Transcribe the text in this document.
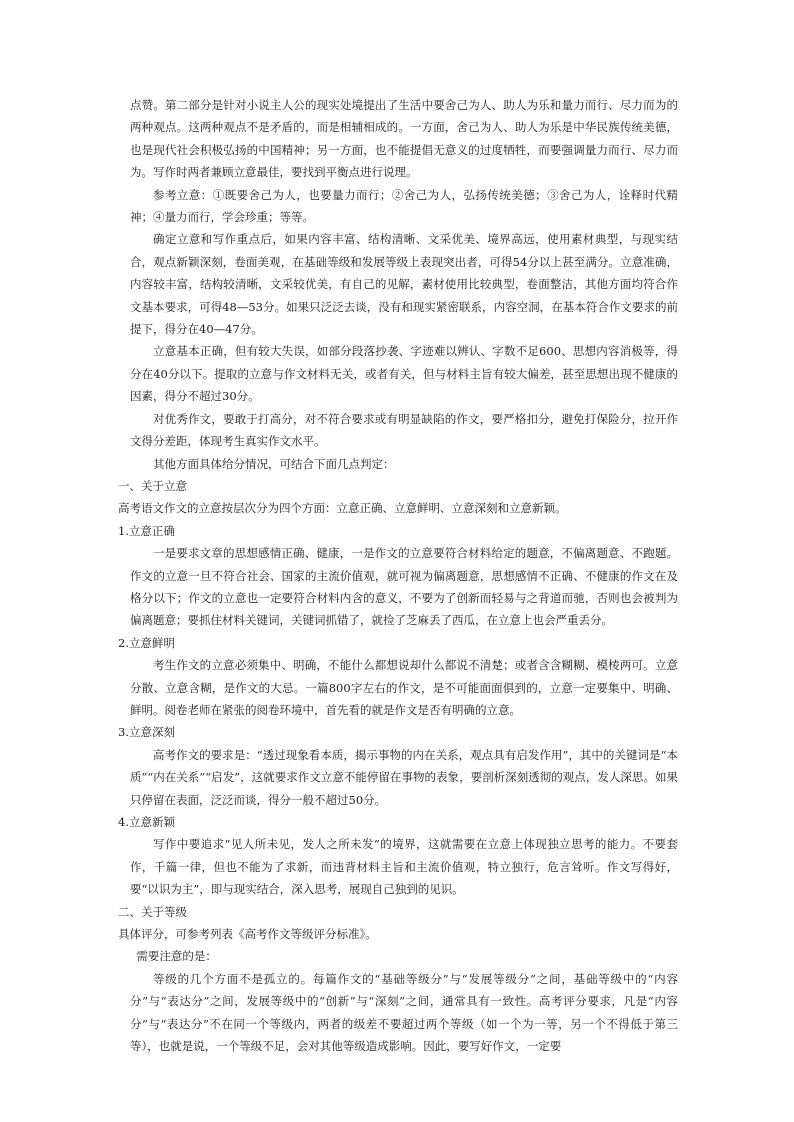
点赞。第二部分是针对小说主人公的现实处境提出了生活中要舍己为人、助人为乐和量力而行、尽力而为的两种观点。这两种观点不是矛盾的，而是相辅相成的。一方面，舍己为人、助人为乐是中华民族传统美德，也是现代社会积极弘扬的中国精神；另一方面，也不能提倡无意义的过度牺牲，而要强调量力而行、尽力而为。写作时两者兼顾立意最佳，要找到平衡点进行说理。

参考立意：①既要舍己为人，也要量力而行；②舍己为人，弘扬传统美德；③舍己为人，诠释时代精神；④量力而行，学会珍重；等等。

确定立意和写作重点后，如果内容丰富、结构清晰、文采优美、境界高远，使用素材典型，与现实结合，观点新颖深刻，卷面美观，在基础等级和发展等级上表现突出者，可得54分以上甚至满分。立意准确，内容较丰富，结构较清晰，文采较优美，有自己的见解，素材使用比较典型，卷面整洁，其他方面均符合作文基本要求，可得48—53分。如果只泛泛去谈，没有和现实紧密联系，内容空洞，在基本符合作文要求的前提下，得分在40—47分。

立意基本正确，但有较大失误，如部分段落抄袭、字迹难以辨认、字数不足600、思想内容消极等，得分在40分以下。提取的立意与作文材料无关，或者有关，但与材料主旨有较大偏差，甚至思想出现不健康的因素，得分不超过30分。

对优秀作文，要敢于打高分，对不符合要求或有明显缺陷的作文，要严格扣分，避免打保险分，拉开作文得分差距，体现考生真实作文水平。

其他方面具体给分情况，可结合下面几点判定：

一、关于立意

高考语文作文的立意按层次分为四个方面：立意正确、立意鲜明、立意深刻和立意新颖。

1.立意正确

一是要求文章的思想感情正确、健康，一是作文的立意要符合材料给定的题意，不偏离题意、不跑题。作文的立意一旦不符合社会、国家的主流价值观，就可视为偏离题意，思想感情不正确、不健康的作文在及格分以下；作文的立意也一定要符合材料内含的意义，不要为了创新而轻易与之背道而驰，否则也会被判为偏离题意；要抓住材料关键词，关键词抓错了，就捡了芝麻丢了西瓜，在立意上也会严重丢分。

2.立意鲜明

考生作文的立意必须集中、明确，不能什么都想说却什么都说不清楚；或者含含糊糊、模棱两可。立意分散、立意含糊，是作文的大忌。一篇800字左右的作文，是不可能面面俱到的，立意一定要集中、明确、鲜明。阅卷老师在紧张的阅卷环境中，首先看的就是作文是否有明确的立意。

3.立意深刻

高考作文的要求是：“透过现象看本质，揭示事物的内在关系，观点具有启发作用”，其中的关键词是“本质”“内在关系”“启发”，这就要求作文立意不能停留在事物的表象，要剖析深刻透彻的观点，发人深思。如果只停留在表面，泛泛而谈，得分一般不超过50分。

4.立意新颖

写作中要追求“见人所未见，发人之所未发”的境界，这就需要在立意上体现独立思考的能力。不要套作，千篇一律，但也不能为了求新，而违背材料主旨和主流价值观，特立独行，危言耸听。作文写得好，要“以识为主”，即与现实结合，深入思考，展现自己独到的见识。

二、关于等级

具体评分，可参考列表《高考作文等级评分标准》。

需要注意的是：

等级的几个方面不是孤立的。每篇作文的“基础等级分”与“发展等级分”之间，基础等级中的“内容分”与“表达分”之间，发展等级中的“创新”与“深刻”之间，通常具有一致性。高考评分要求，凡是“内容分”与“表达分”不在同一个等级内，两者的级差不要超过两个等级（如一个为一等，另一个不得低于第三等），也就是说，一个等级不足，会对其他等级造成影响。因此，要写好作文，一定要
